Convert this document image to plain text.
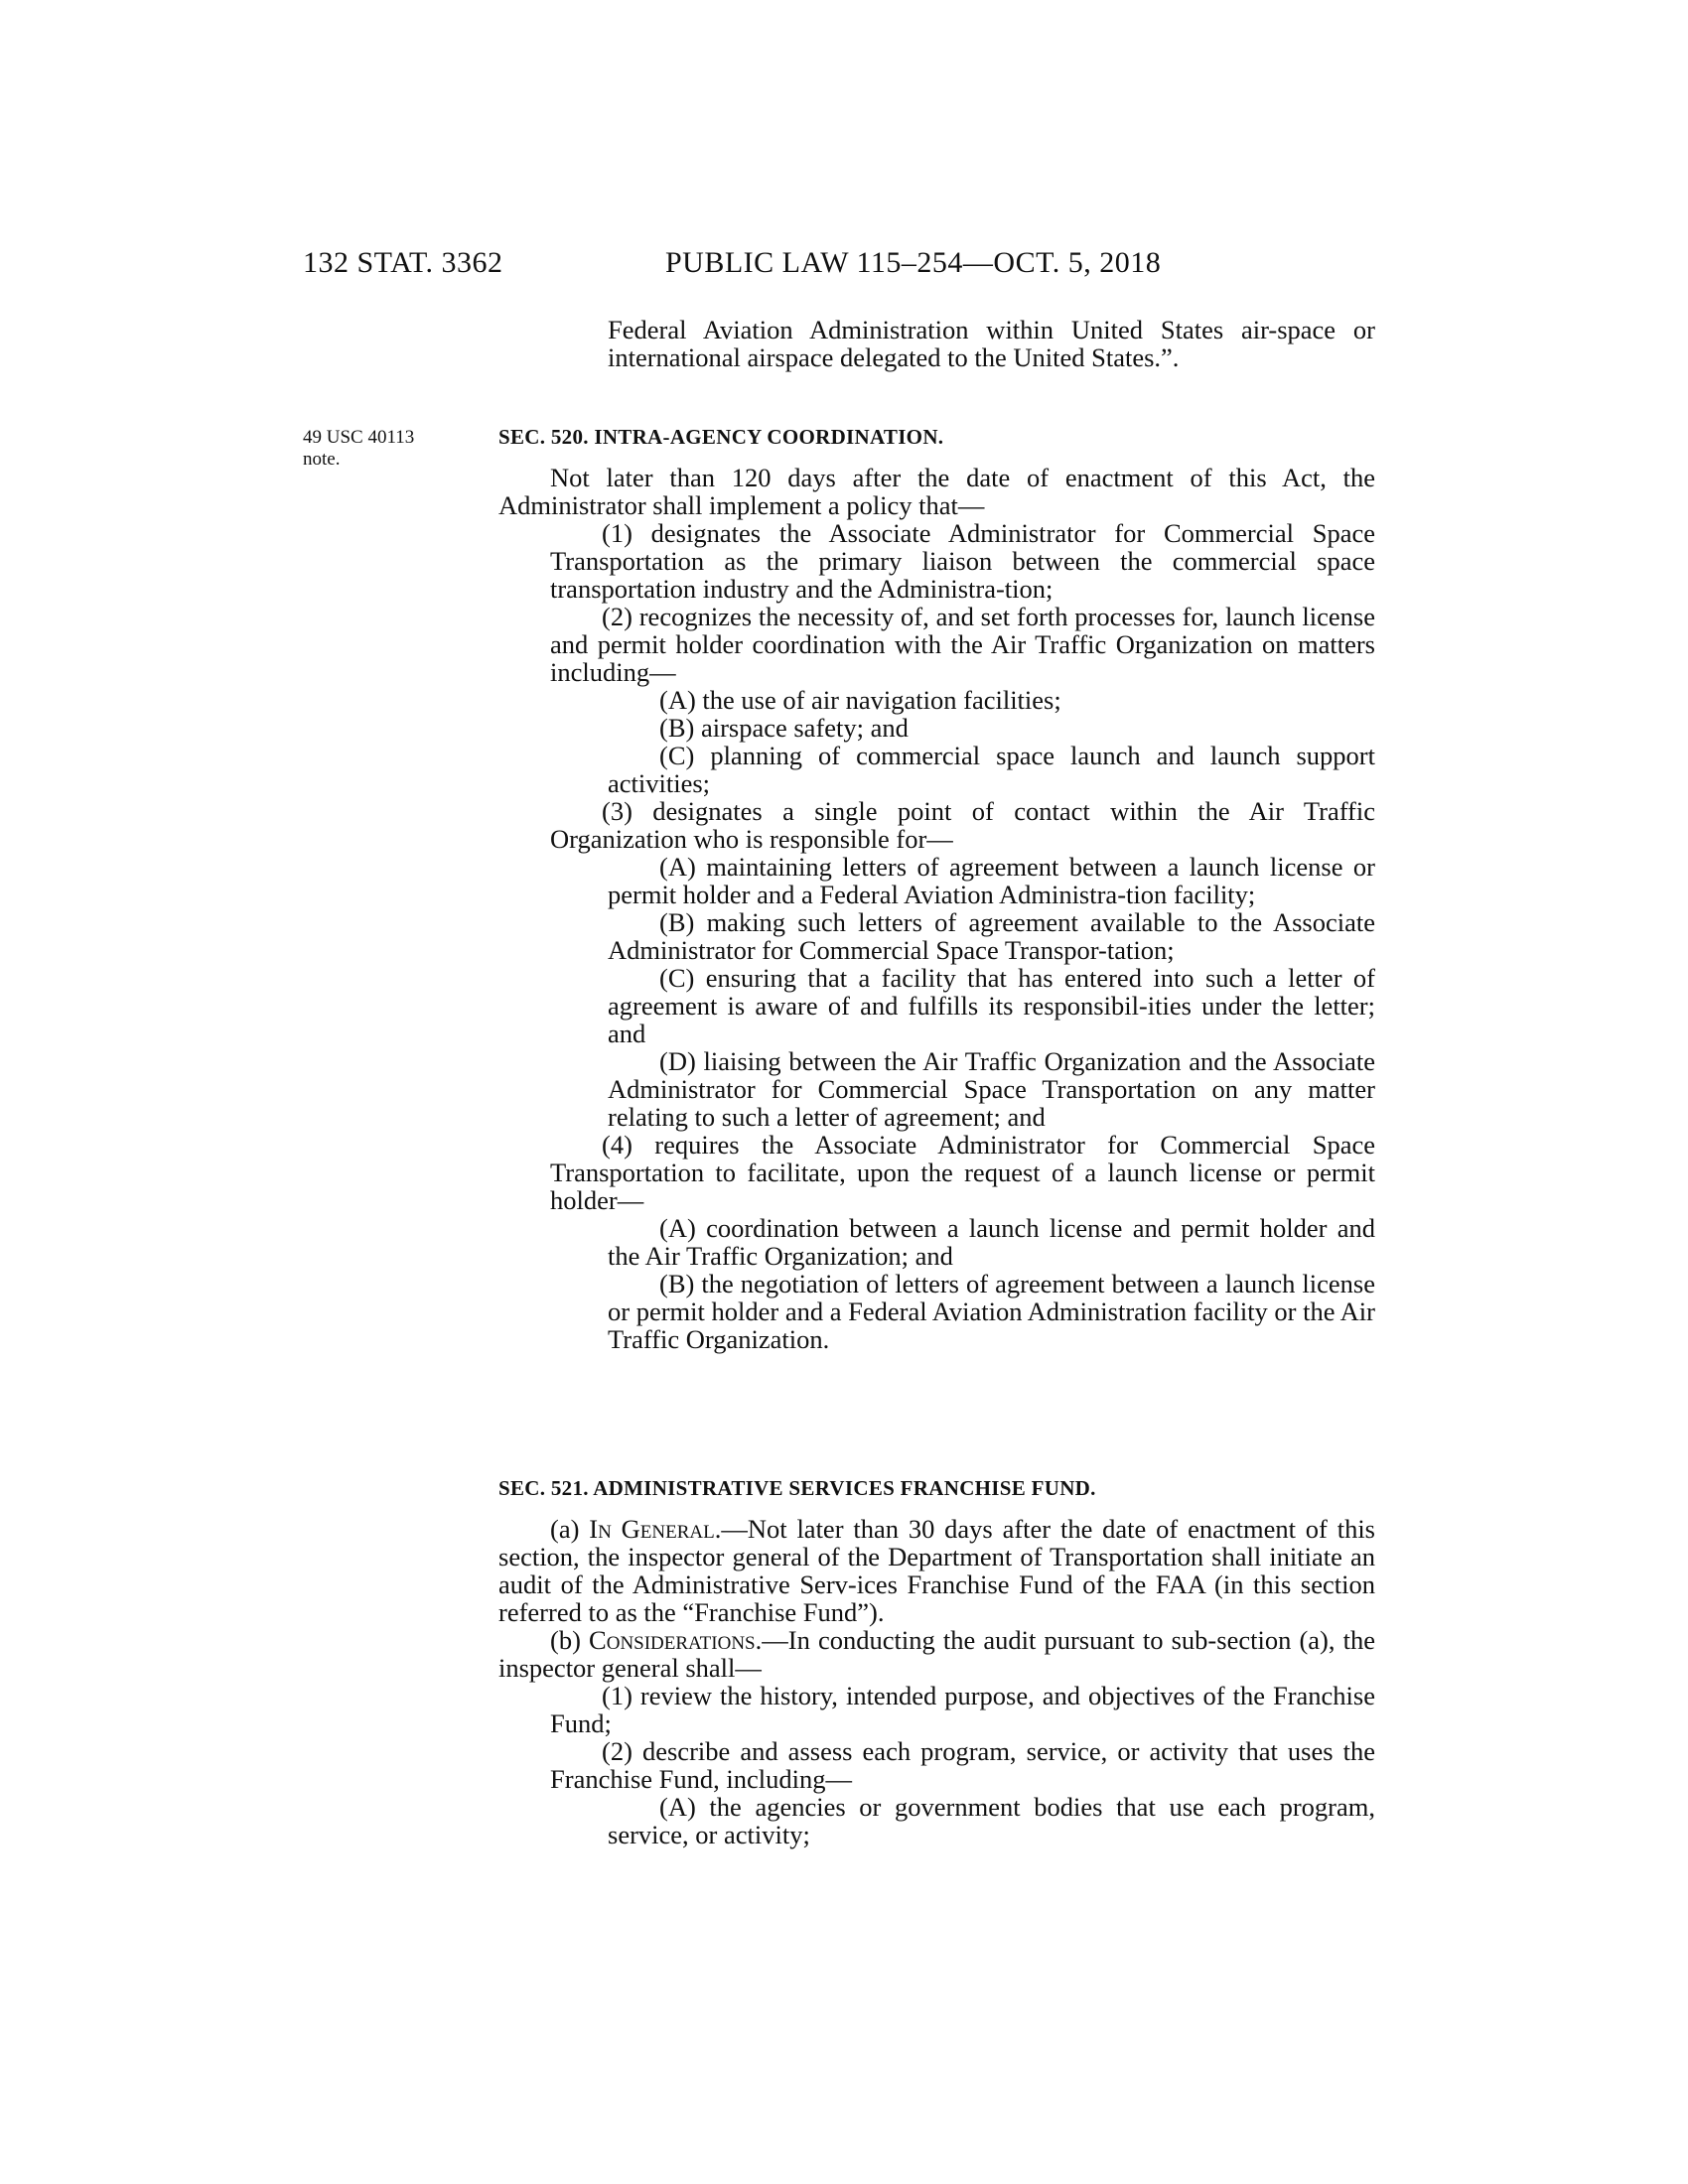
132 STAT. 3362	PUBLIC LAW 115–254—OCT. 5, 2018
49 USC 40113
note.

Federal Aviation Administration within United States air-space or international airspace delegated to the United States.”.

SEC. 520. INTRA-AGENCY COORDINATION.

Not later than 120 days after the date of enactment of this Act, the Administrator shall implement a policy that—

(1) designates the Associate Administrator for Commercial Space Transportation as the primary liaison between the commercial space transportation industry and the Administra-tion;

(2) recognizes the necessity of, and set forth processes for, launch license and permit holder coordination with the Air Traffic Organization on matters including—

(A) the use of air navigation facilities;

(B) airspace safety; and

(C) planning of commercial space launch and launch support activities;

(3) designates a single point of contact within the Air Traffic Organization who is responsible for—

(A) maintaining letters of agreement between a launch license or permit holder and a Federal Aviation Administra-tion facility;

(B) making such letters of agreement available to the Associate Administrator for Commercial Space Transpor-tation;

(C) ensuring that a facility that has entered into such a letter of agreement is aware of and fulfills its responsibil-ities under the letter; and

(D) liaising between the Air Traffic Organization and the Associate Administrator for Commercial Space Transportation on any matter relating to such a letter of agreement; and

(4) requires the Associate Administrator for Commercial Space Transportation to facilitate, upon the request of a launch license or permit holder—

(A) coordination between a launch license and permit holder and the Air Traffic Organization; and

(B) the negotiation of letters of agreement between a launch license or permit holder and a Federal Aviation Administration facility or the Air Traffic Organization.

SEC. 521. ADMINISTRATIVE SERVICES FRANCHISE FUND.

(a) In General.—Not later than 30 days after the date of enactment of this section, the inspector general of the Department of Transportation shall initiate an audit of the Administrative Serv-ices Franchise Fund of the FAA (in this section referred to as the “Franchise Fund”).

(b) Considerations.—In conducting the audit pursuant to sub-section (a), the inspector general shall—

(1) review the history, intended purpose, and objectives of the Franchise Fund;

(2) describe and assess each program, service, or activity that uses the Franchise Fund, including—

(A) the agencies or government bodies that use each program, service, or activity;
